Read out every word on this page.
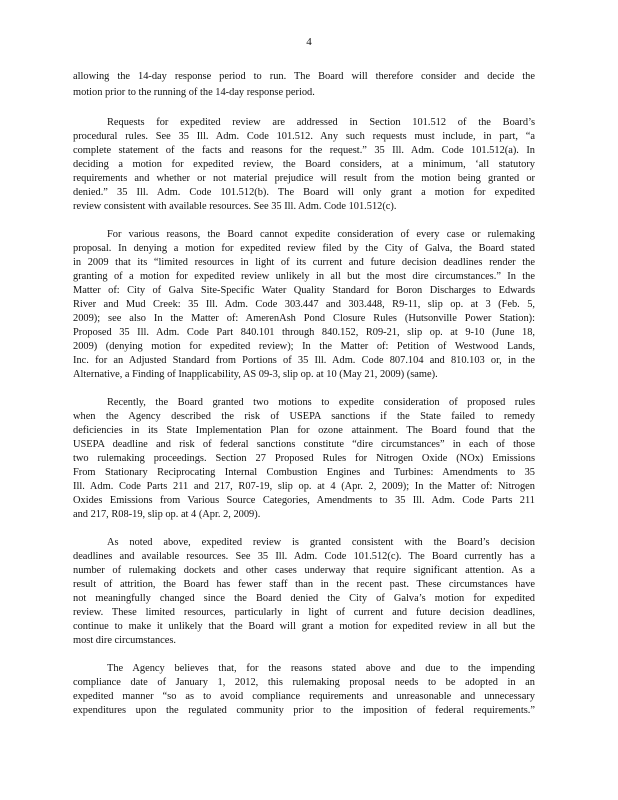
4
allowing the 14-day response period to run. The Board will therefore consider and decide the
motion prior to the running of the 14-day response period.
Requests for expedited review are addressed in Section 101.512 of the Board’s
procedural rules. See 35 Ill. Adm. Code 101.512. Any such requests must include, in part, “a
complete statement of the facts and reasons for the request.” 35 Ill. Adm. Code 101.512(a). In
deciding a motion for expedited review, the Board considers, at a minimum, ‘all statutory
requirements and whether or not material prejudice will result from the motion being granted or
denied.” 35 Ill. Adm. Code 101.512(b). The Board will only grant a motion for expedited
review consistent with available resources. See 35 Ill. Adm. Code 101.512(c).
For various reasons, the Board cannot expedite consideration of every case or rulemaking
proposal. In denying a motion for expedited review filed by the City of Galva, the Board stated
in 2009 that its “limited resources in light of its current and future decision deadlines render the
granting of a motion for expedited review unlikely in all but the most dire circumstances.” In the
Matter of: City of Galva Site-Specific Water Quality Standard for Boron Discharges to Edwards
River and Mud Creek: 35 Ill. Adm. Code 303.447 and 303.448, R9-11, slip op. at 3 (Feb. 5,
2009); see also In the Matter of: AmerenAsh Pond Closure Rules (Hutsonville Power Station):
Proposed 35 Ill. Adm. Code Part 840.101 through 840.152, R09-21, slip op. at 9-10 (June 18,
2009) (denying motion for expedited review); In the Matter of: Petition of Westwood Lands,
Inc. for an Adjusted Standard from Portions of 35 Ill. Adm. Code 807.104 and 810.103 or, in the
Alternative, a Finding of Inapplicability, AS 09-3, slip op. at 10 (May 21, 2009) (same).
Recently, the Board granted two motions to expedite consideration of proposed rules
when the Agency described the risk of USEPA sanctions if the State failed to remedy
deficiencies in its State Implementation Plan for ozone attainment. The Board found that the
USEPA deadline and risk of federal sanctions constitute “dire circumstances” in each of those
two rulemaking proceedings. Section 27 Proposed Rules for Nitrogen Oxide (NOx) Emissions
From Stationary Reciprocating Internal Combustion Engines and Turbines: Amendments to 35
Ill. Adm. Code Parts 211 and 217, R07-19, slip op. at 4 (Apr. 2, 2009); In the Matter of: Nitrogen
Oxides Emissions from Various Source Categories, Amendments to 35 Ill. Adm. Code Parts 211
and 217, R08-19, slip op. at 4 (Apr. 2, 2009).
As noted above, expedited review is granted consistent with the Board’s decision
deadlines and available resources. See 35 Ill. Adm. Code 101.512(c). The Board currently has a
number of rulemaking dockets and other cases underway that require significant attention. As a
result of attrition, the Board has fewer staff than in the recent past. These circumstances have
not meaningfully changed since the Board denied the City of Galva’s motion for expedited
review. These limited resources, particularly in light of current and future decision deadlines,
continue to make it unlikely that the Board will grant a motion for expedited review in all but the
most dire circumstances.
The Agency believes that, for the reasons stated above and due to the impending
compliance date of January 1, 2012, this rulemaking proposal needs to be adopted in an
expedited manner “so as to avoid compliance requirements and unreasonable and unnecessary
expenditures upon the regulated community prior to the imposition of federal requirements.”
